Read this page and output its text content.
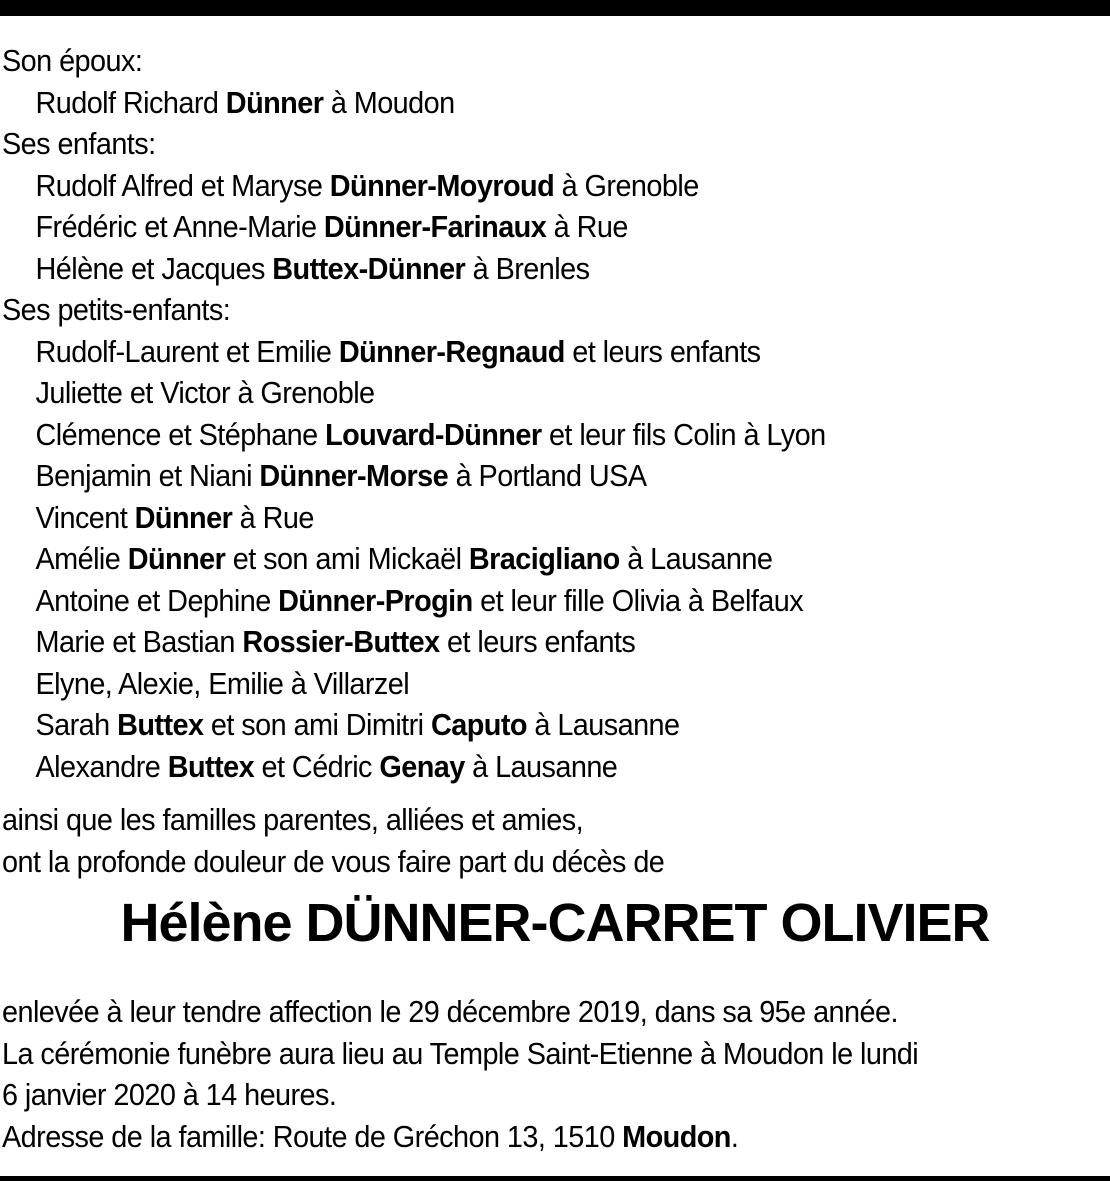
Son époux:
Rudolf Richard Dünner à Moudon
Ses enfants:
Rudolf Alfred et Maryse Dünner-Moyroud à Grenoble
Frédéric et Anne-Marie Dünner-Farinaux à Rue
Hélène et Jacques Buttex-Dünner à Brenles
Ses petits-enfants:
Rudolf-Laurent et Emilie Dünner-Regnaud et leurs enfants
Juliette et Victor à Grenoble
Clémence et Stéphane Louvard-Dünner et leur fils Colin à Lyon
Benjamin et Niani Dünner-Morse à Portland USA
Vincent Dünner à Rue
Amélie Dünner et son ami Mickaël Bracigliano à Lausanne
Antoine et Dephine Dünner-Progin et leur fille Olivia à Belfaux
Marie et Bastian Rossier-Buttex et leurs enfants
Elyne, Alexie, Emilie à Villarzel
Sarah Buttex et son ami Dimitri Caputo à Lausanne
Alexandre Buttex et Cédric Genay à Lausanne
ainsi que les familles parentes, alliées et amies,
ont la profonde douleur de vous faire part du décès de
Hélène DÜNNER-CARRET OLIVIER
enlevée à leur tendre affection le 29 décembre 2019, dans sa 95e année.
La cérémonie funèbre aura lieu au Temple Saint-Etienne à Moudon le lundi
6 janvier 2020 à 14 heures.
Adresse de la famille: Route de Gréchon 13, 1510 Moudon.
